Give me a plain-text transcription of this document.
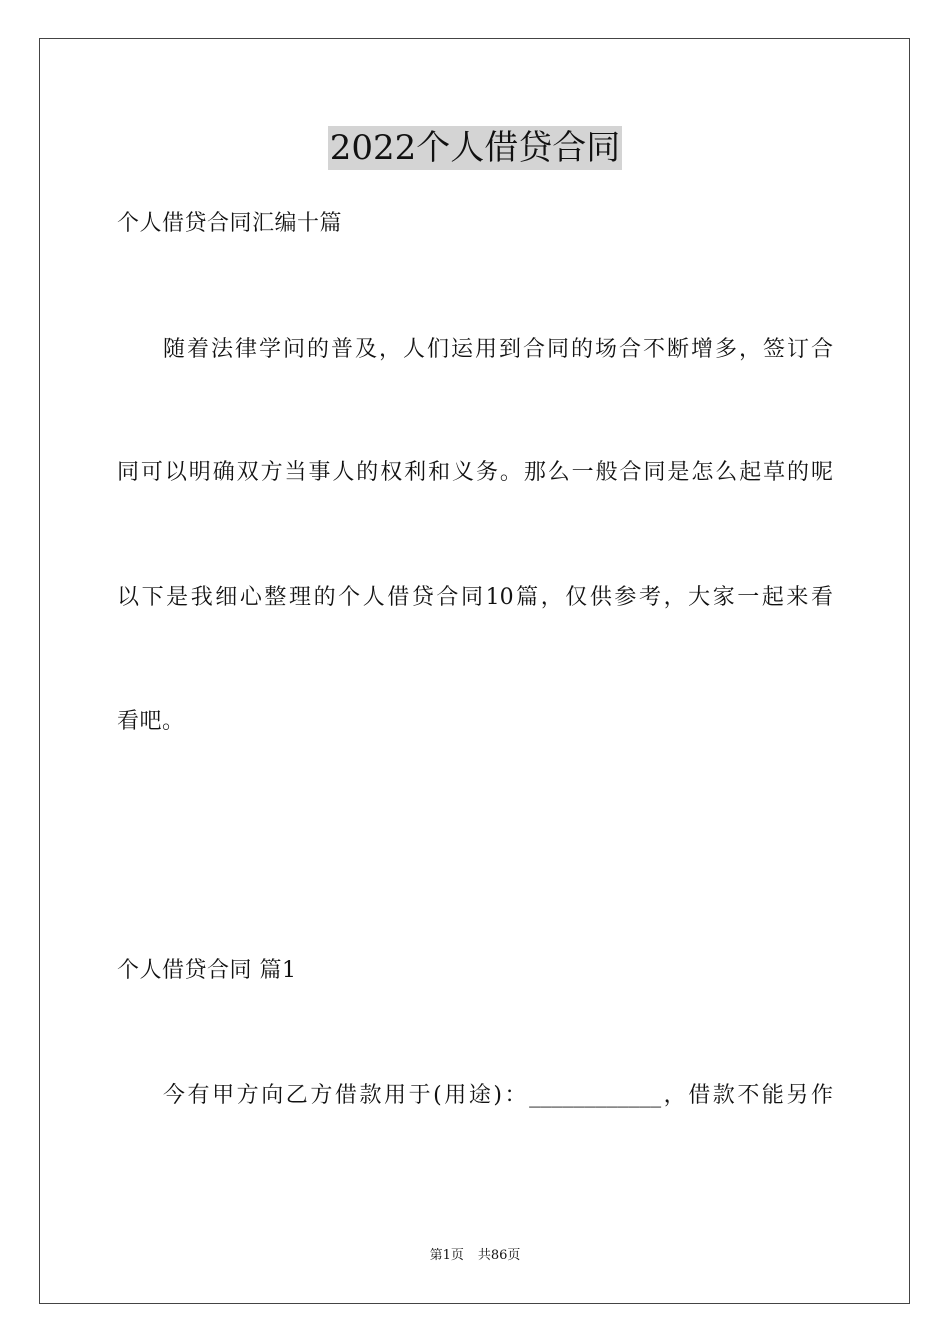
2022个人借贷合同
个人借贷合同汇编十篇
随着法律学问的普及，人们运用到合同的场合不断增多，签订合
同可以明确双方当事人的权利和义务。那么一般合同是怎么起草的呢
以下是我细心整理的个人借贷合同10篇，仅供参考，大家一起来看
看吧。
个人借贷合同 篇1
今有甲方向乙方借款用于(用途)：____________，借款不能另作
第1页 共86页
